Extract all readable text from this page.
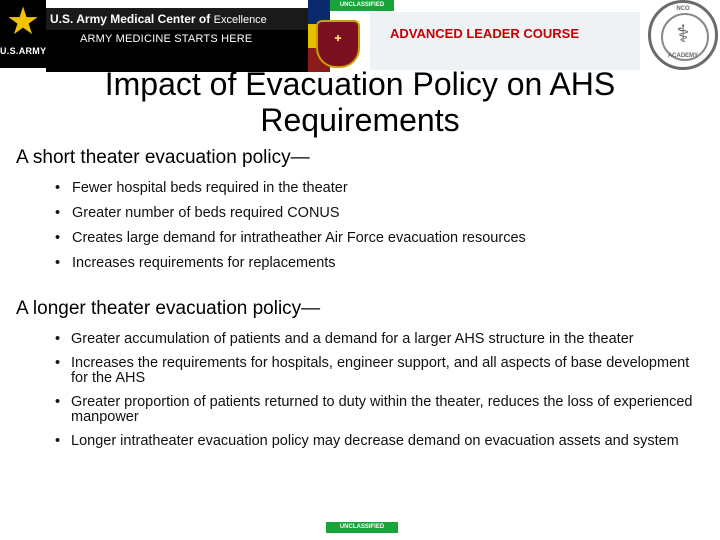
★
U.S.ARMY
U.S. Army Medical Center of Excellence
ARMY MEDICINE STARTS HERE	✚
UNCLASSIFIED
ADVANCED LEADER COURSE
NCO
⚕
ACADEMY
Impact of Evacuation Policy on AHS Requirements
A short theater evacuation policy—
• Fewer hospital beds required in the theater
• Greater number of beds required CONUS
• Creates large demand for intratheather Air Force evacuation resources
• Increases requirements for replacements
A longer theater evacuation policy—
• Greater accumulation of patients and a demand for a larger AHS structure in the theater
• Increases the requirements for hospitals, engineer support, and all aspects of base development for the AHS
• Greater proportion of patients returned to duty within the theater, reduces the loss of experienced manpower
• Longer intratheater evacuation policy may decrease demand on evacuation assets and system
UNCLASSIFIED
